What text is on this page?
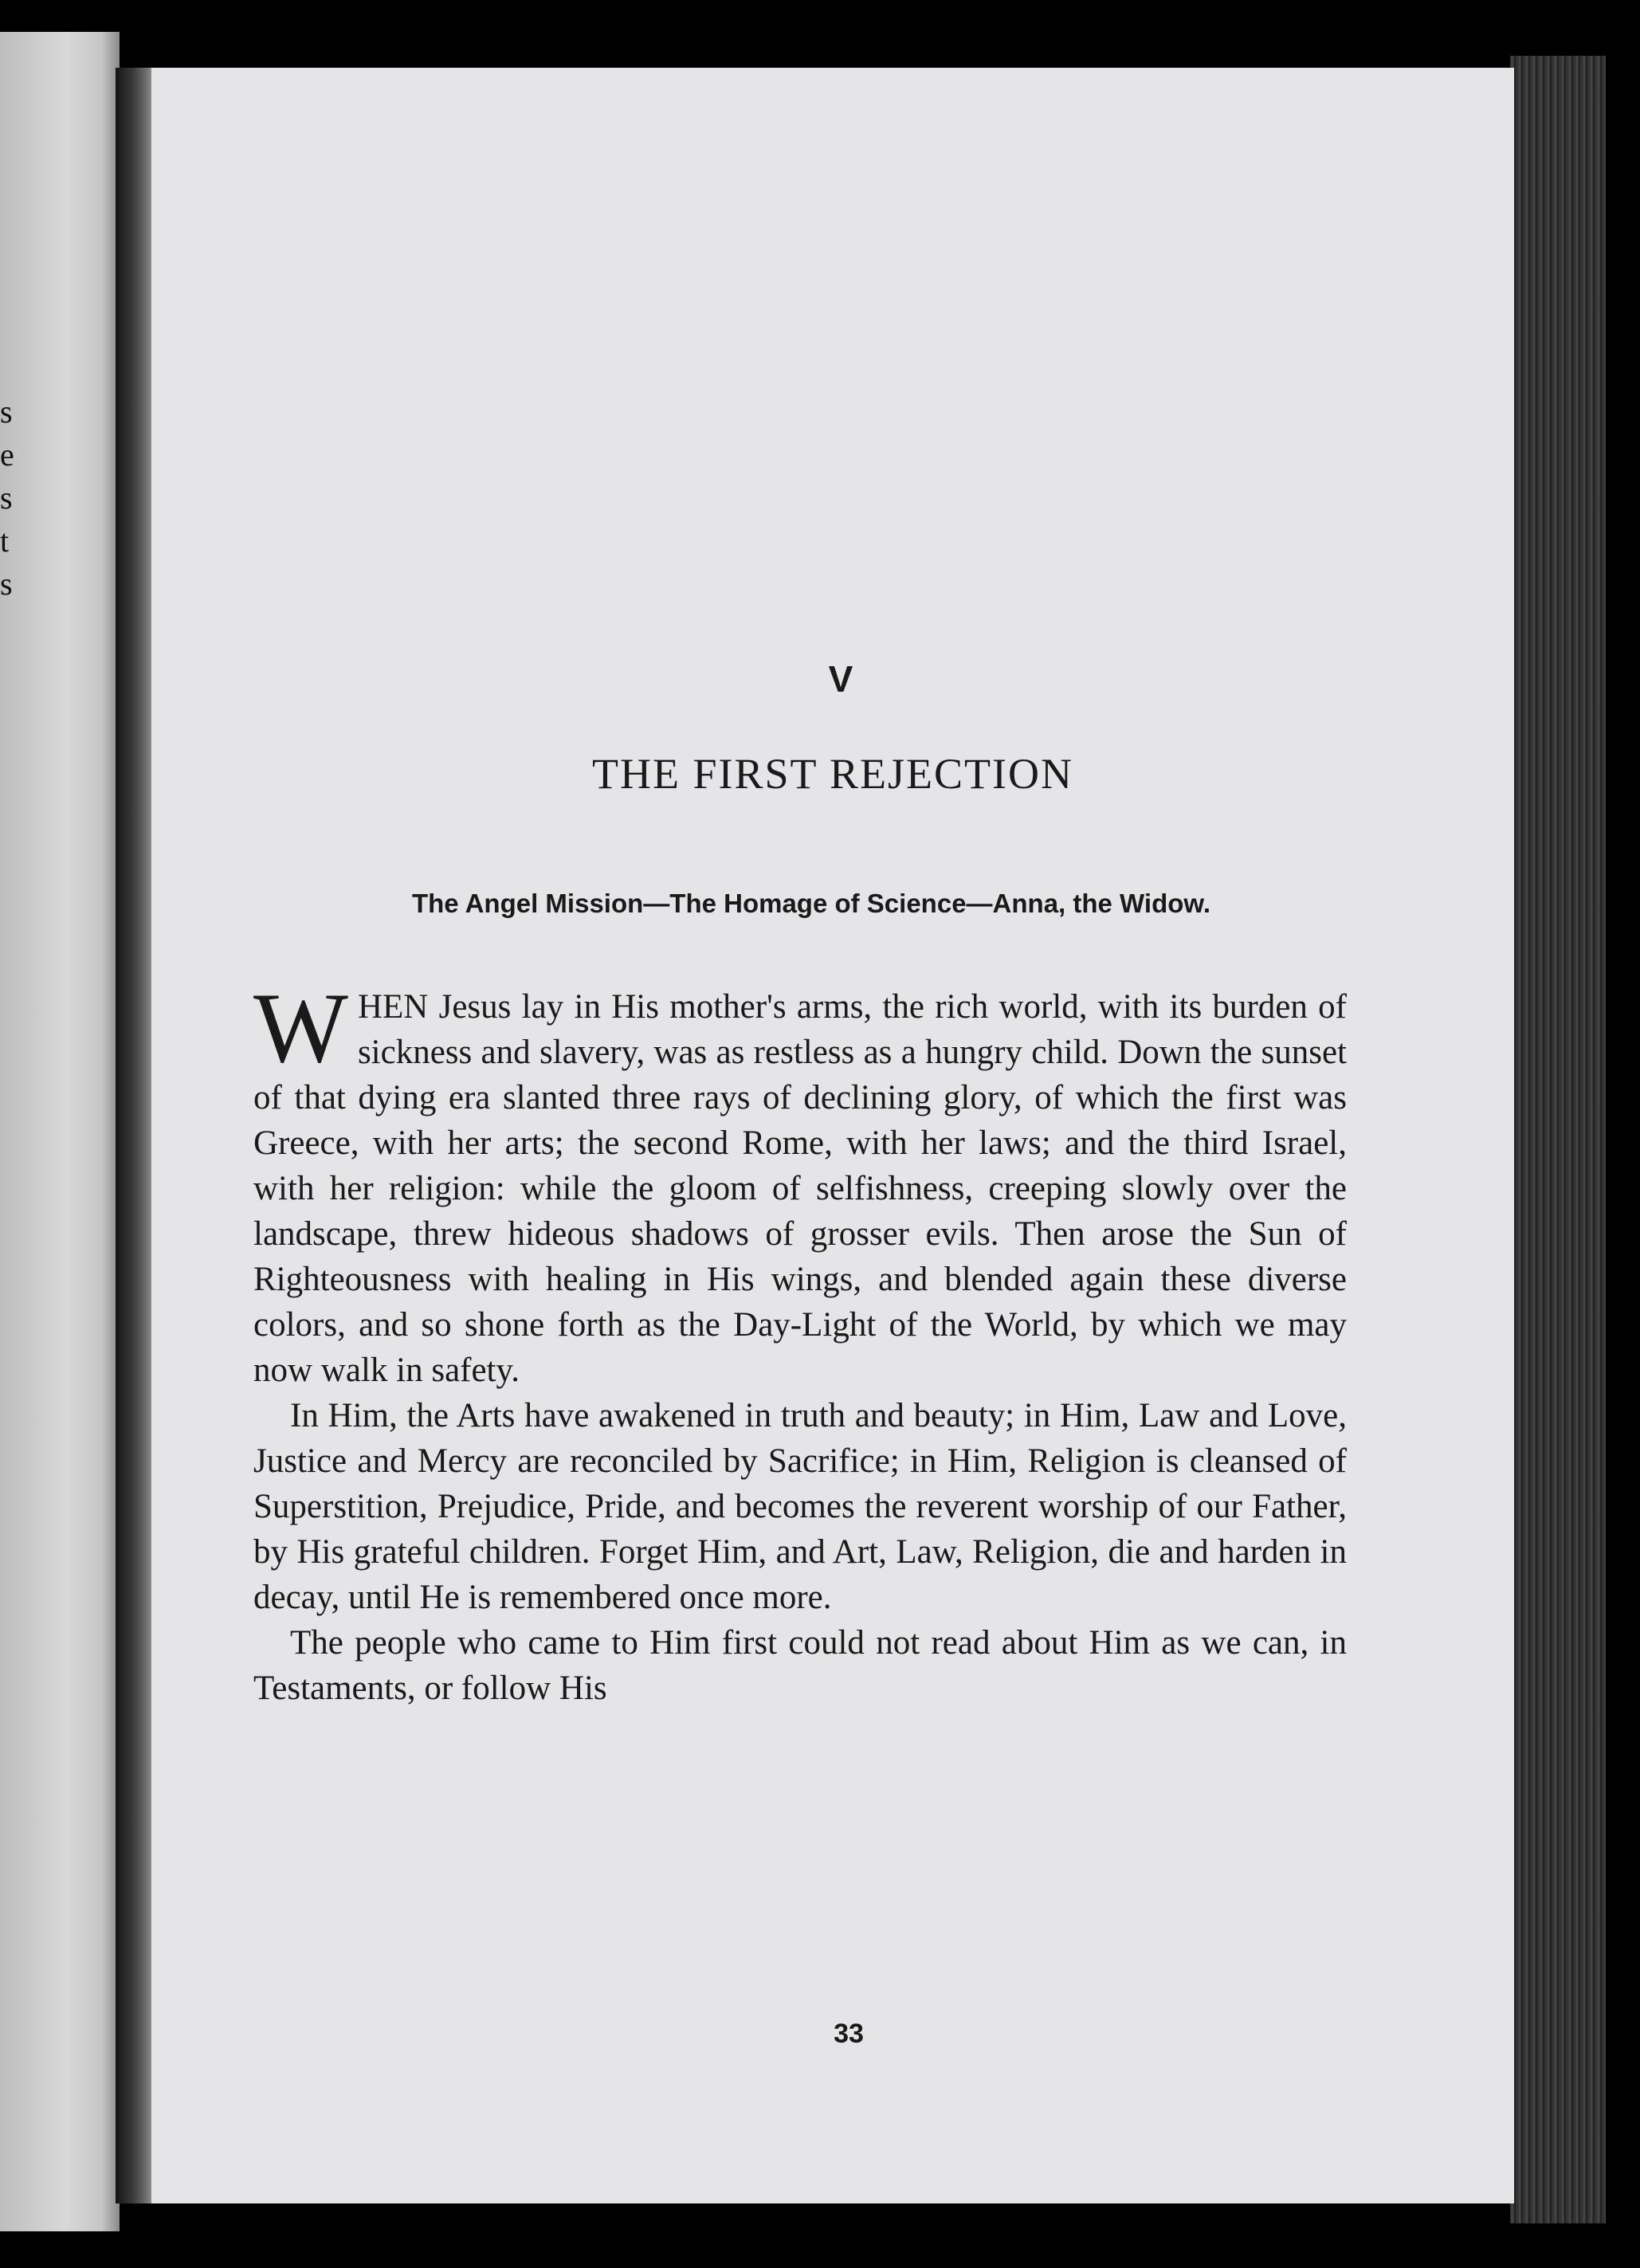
s
e
s
t
s
V
THE FIRST REJECTION
The Angel Mission—The Homage of Science—Anna, the Widow.

WHEN Jesus lay in His mother's arms, the rich world, with its burden of sickness and slavery, was as restless as a hungry child. Down the sunset of that dying era slanted three rays of declining glory, of which the first was Greece, with her arts; the second Rome, with her laws; and the third Israel, with her religion: while the gloom of selfishness, creeping slowly over the landscape, threw hideous shadows of grosser evils. Then arose the Sun of Righteousness with healing in His wings, and blended again these diverse colors, and so shone forth as the Day-Light of the World, by which we may now walk in safety.

In Him, the Arts have awakened in truth and beauty; in Him, Law and Love, Justice and Mercy are reconciled by Sacrifice; in Him, Religion is cleansed of Superstition, Prejudice, Pride, and becomes the reverent worship of our Father, by His grateful children. Forget Him, and Art, Law, Religion, die and harden in decay, until He is remembered once more.

The people who came to Him first could not read about Him as we can, in Testaments, or follow His

33
